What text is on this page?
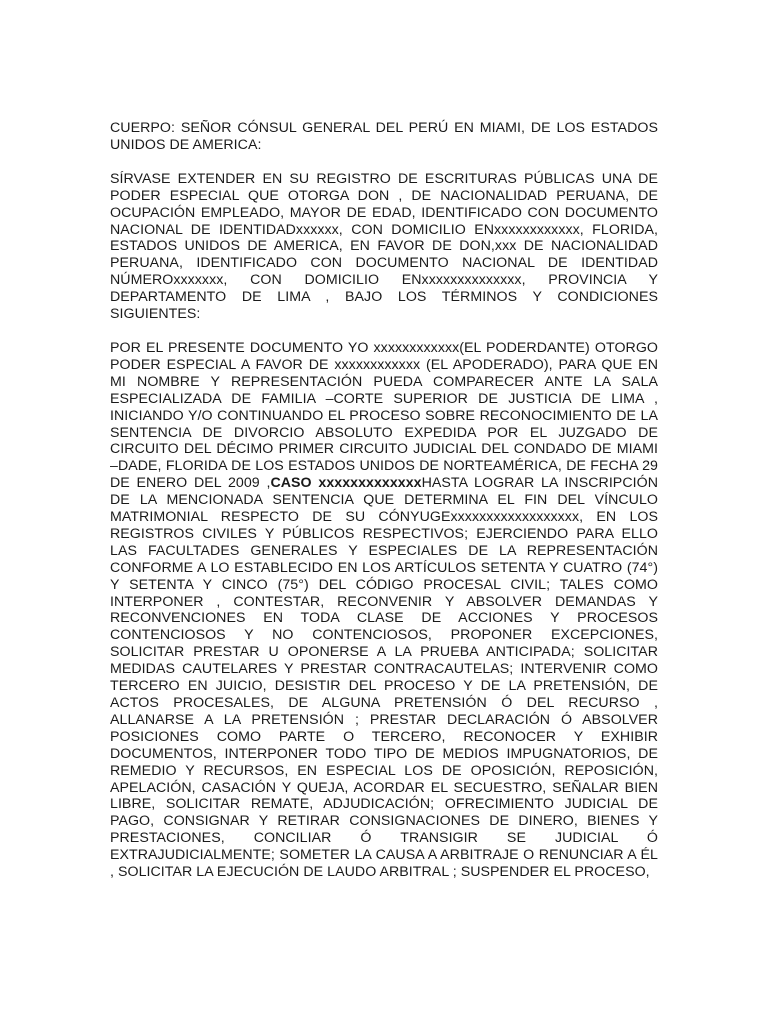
CUERPO: SEÑOR CÓNSUL GENERAL DEL PERÚ EN MIAMI, DE LOS ESTADOS UNIDOS DE AMERICA:

SÍRVASE EXTENDER EN SU REGISTRO DE ESCRITURAS PÚBLICAS UNA DE PODER ESPECIAL QUE OTORGA DON , DE NACIONALIDAD PERUANA, DE OCUPACIÓN EMPLEADO, MAYOR DE EDAD, IDENTIFICADO CON DOCUMENTO NACIONAL DE IDENTIDADxxxxxx, CON DOMICILIO ENxxxxxxxxxxxx, FLORIDA, ESTADOS UNIDOS DE AMERICA, EN FAVOR DE DON,xxx DE NACIONALIDAD PERUANA, IDENTIFICADO CON DOCUMENTO NACIONAL DE IDENTIDAD NÚMEROxxxxxxx, CON DOMICILIO ENxxxxxxxxxxxxxx, PROVINCIA Y DEPARTAMENTO DE LIMA , BAJO LOS TÉRMINOS Y CONDICIONES SIGUIENTES:

POR EL PRESENTE DOCUMENTO YO xxxxxxxxxxxx(EL PODERDANTE) OTORGO PODER ESPECIAL A FAVOR DE xxxxxxxxxxxx (EL APODERADO), PARA QUE EN MI NOMBRE Y REPRESENTACIÓN PUEDA COMPARECER ANTE LA SALA ESPECIALIZADA DE FAMILIA –CORTE SUPERIOR DE JUSTICIA DE LIMA , INICIANDO Y/O CONTINUANDO EL PROCESO SOBRE RECONOCIMIENTO DE LA SENTENCIA DE DIVORCIO ABSOLUTO EXPEDIDA POR EL JUZGADO DE CIRCUITO DEL DÉCIMO PRIMER CIRCUITO JUDICIAL DEL CONDADO DE MIAMI –DADE, FLORIDA DE LOS ESTADOS UNIDOS DE NORTEAMÉRICA, DE FECHA 29 DE ENERO DEL 2009 ,CASO xxxxxxxxxxxxxHASTA LOGRAR LA INSCRIPCIÓN DE LA MENCIONADA SENTENCIA QUE DETERMINA EL FIN DEL VÍNCULO MATRIMONIAL RESPECTO DE SU CÓNYUGExxxxxxxxxxxxxxxxxx, EN LOS REGISTROS CIVILES Y PÚBLICOS RESPECTIVOS; EJERCIENDO PARA ELLO LAS FACULTADES GENERALES Y ESPECIALES DE LA REPRESENTACIÓN CONFORME A LO ESTABLECIDO EN LOS ARTÍCULOS SETENTA Y CUATRO (74°) Y SETENTA Y CINCO (75°) DEL CÓDIGO PROCESAL CIVIL; TALES COMO INTERPONER , CONTESTAR, RECONVENIR Y ABSOLVER DEMANDAS Y RECONVENCIONES EN TODA CLASE DE ACCIONES Y PROCESOS CONTENCIOSOS Y NO CONTENCIOSOS, PROPONER EXCEPCIONES, SOLICITAR PRESTAR U OPONERSE A LA PRUEBA ANTICIPADA; SOLICITAR MEDIDAS CAUTELARES Y PRESTAR CONTRACAUTELAS; INTERVENIR COMO TERCERO EN JUICIO, DESISTIR DEL PROCESO Y DE LA PRETENSIÓN, DE ACTOS PROCESALES, DE ALGUNA PRETENSIÓN Ó DEL RECURSO , ALLANARSE A LA PRETENSIÓN ; PRESTAR DECLARACIÓN Ó ABSOLVER POSICIONES COMO PARTE O TERCERO, RECONOCER Y EXHIBIR DOCUMENTOS, INTERPONER TODO TIPO DE MEDIOS IMPUGNATORIOS, DE REMEDIO Y RECURSOS, EN ESPECIAL LOS DE OPOSICIÓN, REPOSICIÓN, APELACIÓN, CASACIÓN Y QUEJA, ACORDAR EL SECUESTRO, SEÑALAR BIEN LIBRE, SOLICITAR REMATE, ADJUDICACIÓN; OFRECIMIENTO JUDICIAL DE PAGO, CONSIGNAR Y RETIRAR CONSIGNACIONES DE DINERO, BIENES Y PRESTACIONES, CONCILIAR Ó TRANSIGIR SE JUDICIAL Ó EXTRAJUDICIALMENTE; SOMETER LA CAUSA A ARBITRAJE O RENUNCIAR A ÉL , SOLICITAR LA EJECUCIÓN DE LAUDO ARBITRAL ; SUSPENDER EL PROCESO,
